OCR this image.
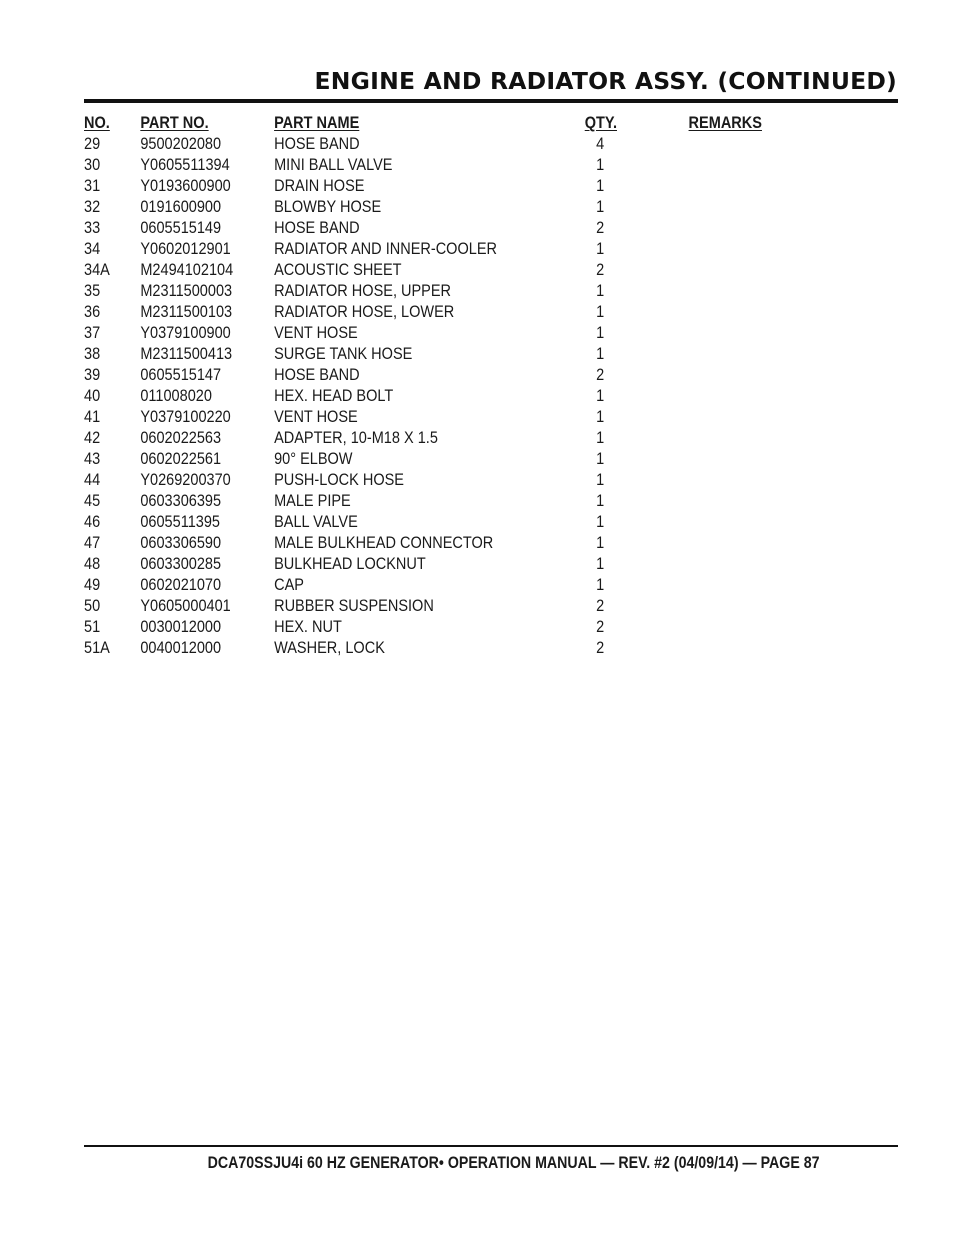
ENGINE AND RADIATOR ASSY. (CONTINUED)
NO.	PART NO.	PART NAME	QTY.	REMARKS
29	9500202080	HOSE BAND	4	
30	Y0605511394	MINI BALL VALVE	1	
31	Y0193600900	DRAIN HOSE	1	
32	0191600900	BLOWBY HOSE	1	
33	0605515149	HOSE BAND	2	
34	Y0602012901	RADIATOR AND INNER-COOLER	1	
34A	M2494102104	ACOUSTIC SHEET	2	
35	M2311500003	RADIATOR HOSE, UPPER	1	
36	M2311500103	RADIATOR HOSE, LOWER	1	
37	Y0379100900	VENT HOSE	1	
38	M2311500413	SURGE TANK HOSE	1	
39	0605515147	HOSE BAND	2	
40	011008020	HEX. HEAD BOLT	1	
41	Y0379100220	VENT HOSE	1	
42	0602022563	ADAPTER, 10-M18 X 1.5	1	
43	0602022561	90° ELBOW	1	
44	Y0269200370	PUSH-LOCK HOSE	1	
45	0603306395	MALE PIPE	1	
46	0605511395	BALL VALVE	1	
47	0603306590	MALE BULKHEAD CONNECTOR	1	
48	0603300285	BULKHEAD LOCKNUT	1	
49	0602021070	CAP	1	
50	Y0605000401	RUBBER SUSPENSION	2	
51	0030012000	HEX. NUT	2	
51A	0040012000	WASHER, LOCK	2	

DCA70SSJU4i 60 HZ GENERATOR• OPERATION MANUAL — REV. #2 (04/09/14) — PAGE 87
